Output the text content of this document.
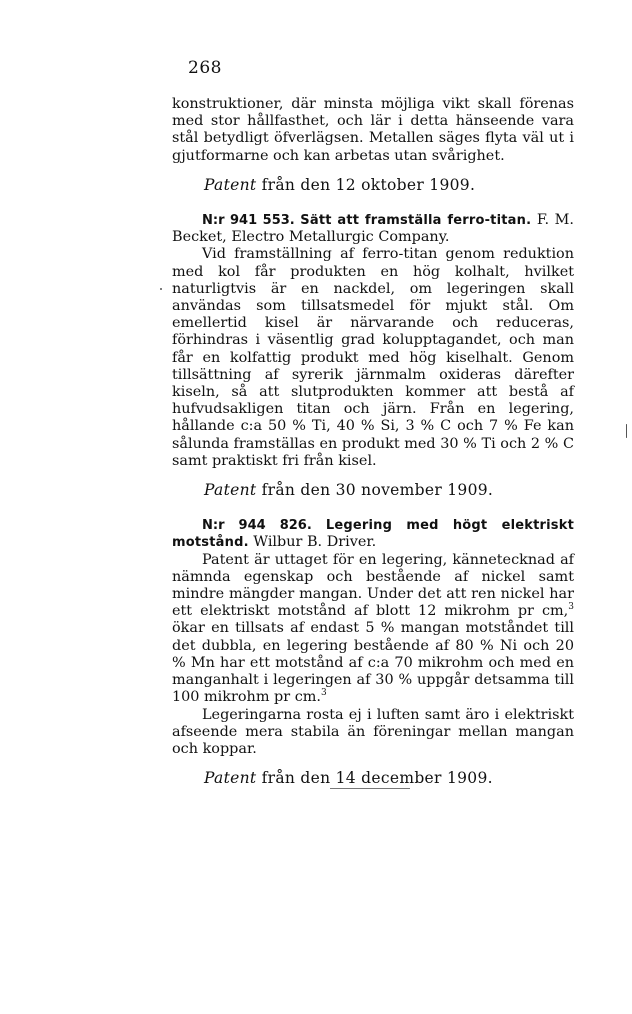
268

konstruktioner, där minsta möjliga vikt skall förenas med stor hållfasthet, och lär i detta hänseende vara stål betydligt öfverlägsen. Metallen säges flyta väl ut i gjutformarne och kan arbetas utan svårighet.

Patent från den 12 oktober 1909.

N:r 941 553. Sätt att framställa ferro-titan. F. M. Becket, Electro Metallurgic Company.

Vid framställning af ferro-titan genom reduktion med kol får produkten en hög kolhalt, hvilket naturligtvis är en nackdel, om legeringen skall användas som tillsatsmedel för mjukt stål. Om emellertid kisel är närvarande och reduceras, förhindras i väsentlig grad kolupptagandet, och man får en kolfattig produkt med hög kiselhalt. Genom tillsättning af syrerik järnmalm oxideras därefter kiseln, så att slutprodukten kommer att bestå af hufvudsakligen titan och järn. Från en legering, hållande c:a 50 % Ti, 40 % Si, 3 % C och 7 % Fe kan sålunda framställas en produkt med 30 % Ti och 2 % C samt praktiskt fri från kisel.

Patent från den 30 november 1909.

N:r 944 826. Legering med högt elektriskt motstånd. Wilbur B. Driver.

Patent är uttaget för en legering, kännetecknad af nämnda egenskap och bestående af nickel samt mindre mängder mangan. Under det att ren nickel har ett elektriskt motstånd af blott 12 mikrohm pr cm,$^3$ ökar en tillsats af endast 5 % mangan motståndet till det dubbla, en legering bestående af 80 % Ni och 20 % Mn har ett motstånd af c:a 70 mikrohm och med en manganhalt i legeringen af 30 % uppgår detsamma till 100 mikrohm pr cm.$^3$

Legeringarna rosta ej i luften samt äro i elektriskt afseende mera stabila än föreningar mellan mangan och koppar.

Patent från den 14 december 1909.
